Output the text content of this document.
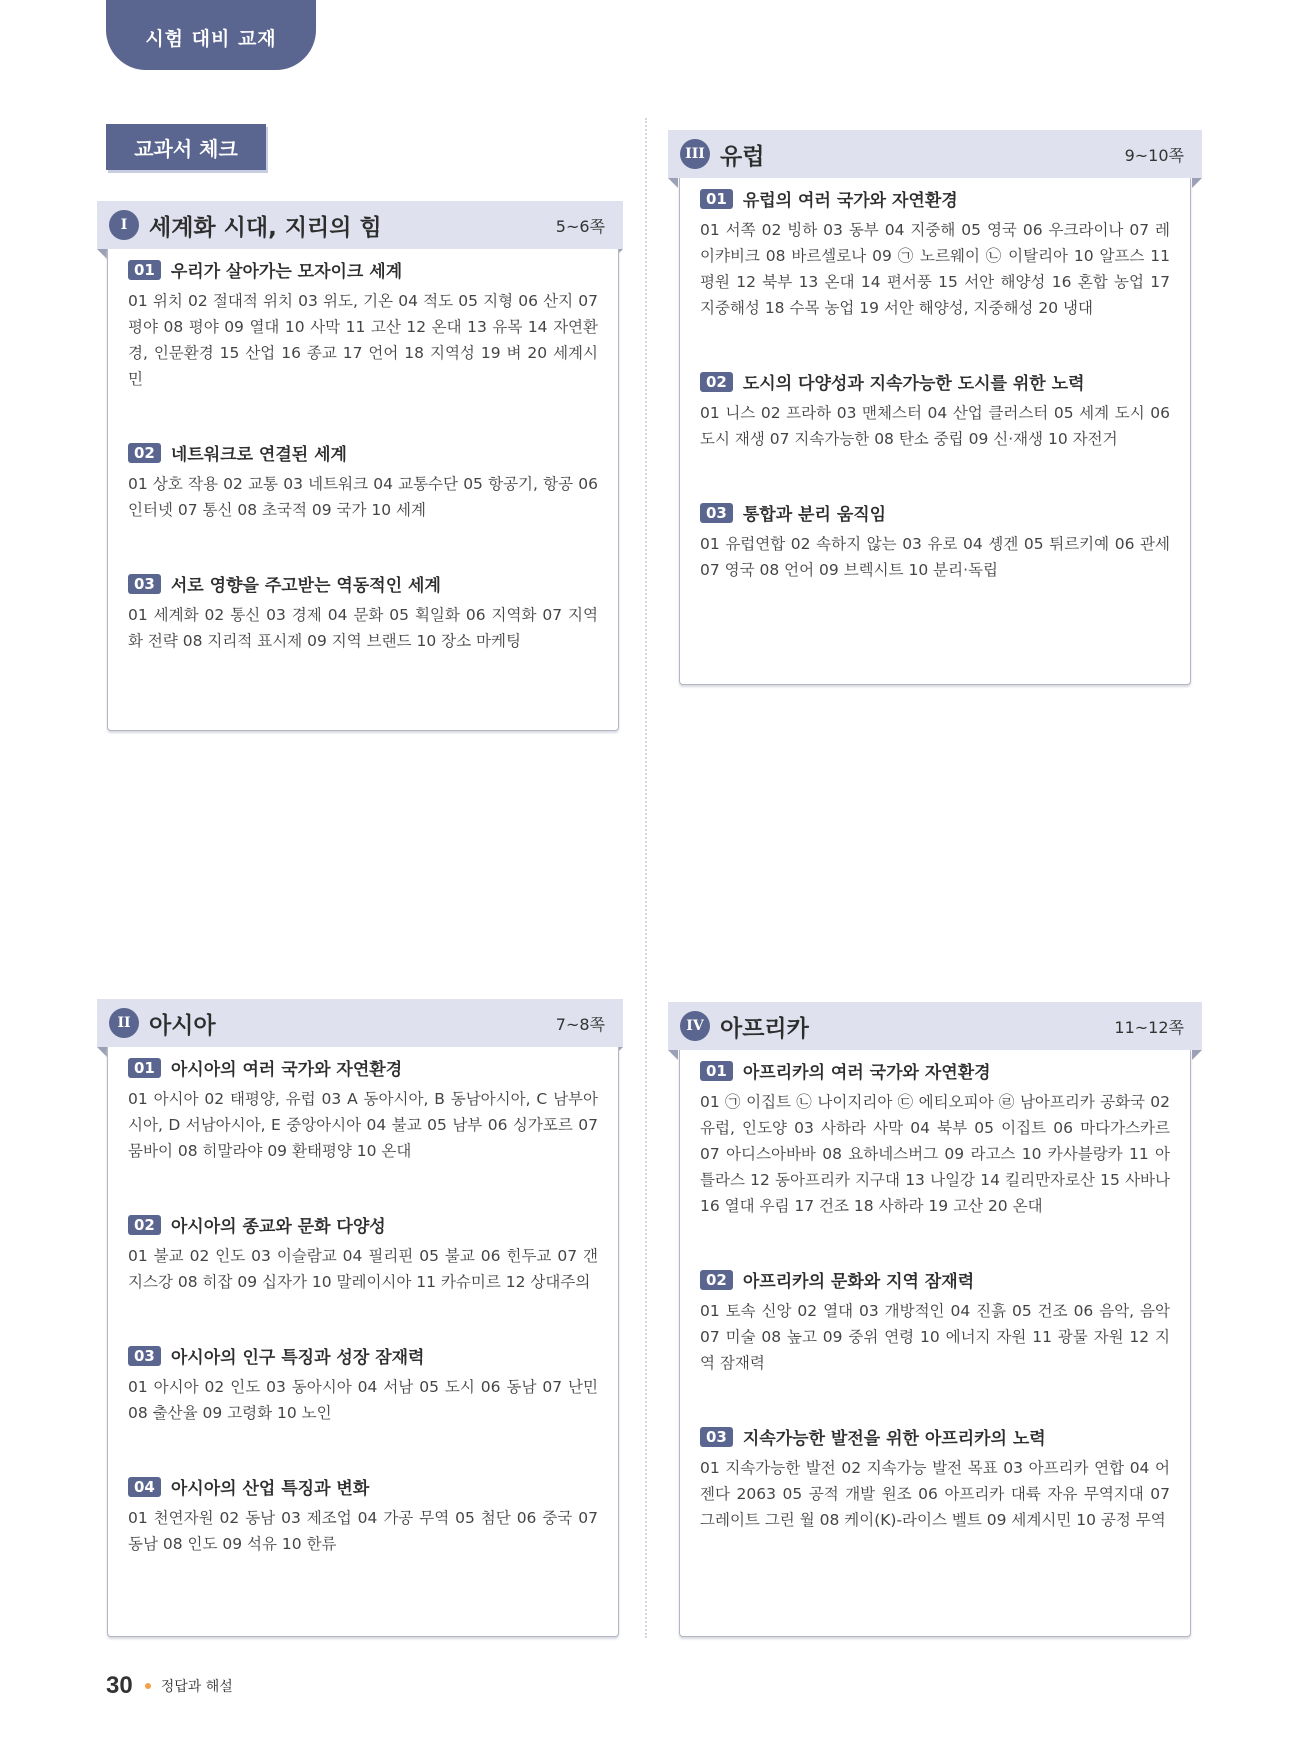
시험 대비 교재
교과서 체크
I 세계화 시대, 지리의 힘	5~6쪽
01 우리가 살아가는 모자이크 세계

01 위치 02 절대적 위치 03 위도, 기온 04 적도 05 지형 06 산지 07 평야 08 평야 09 열대 10 사막 11 고산 12 온대 13 유목 14 자연환경, 인문환경 15 산업 16 종교 17 언어 18 지역성 19 벼 20 세계시민

02 네트워크로 연결된 세계

01 상호 작용 02 교통 03 네트워크 04 교통수단 05 항공기, 항공 06 인터넷 07 통신 08 초국적 09 국가 10 세계

03 서로 영향을 주고받는 역동적인 세계

01 세계화 02 통신 03 경제 04 문화 05 획일화 06 지역화 07 지역화 전략 08 지리적 표시제 09 지역 브랜드 10 장소 마케팅

III 유럽	9~10쪽
01 유럽의 여러 국가와 자연환경

01 서쪽 02 빙하 03 동부 04 지중해 05 영국 06 우크라이나 07 레이캬비크 08 바르셀로나 09 ㉠ 노르웨이 ㉡ 이탈리아 10 알프스 11 평원 12 북부 13 온대 14 편서풍 15 서안 해양성 16 혼합 농업 17 지중해성 18 수목 농업 19 서안 해양성, 지중해성 20 냉대

02 도시의 다양성과 지속가능한 도시를 위한 노력

01 니스 02 프라하 03 맨체스터 04 산업 클러스터 05 세계 도시 06 도시 재생 07 지속가능한 08 탄소 중립 09 신·재생 10 자전거

03 통합과 분리 움직임

01 유럽연합 02 속하지 않는 03 유로 04 솅겐 05 튀르키예 06 관세 07 영국 08 언어 09 브렉시트 10 분리·독립

II 아시아	7~8쪽
01 아시아의 여러 국가와 자연환경

01 아시아 02 태평양, 유럽 03 A 동아시아, B 동남아시아, C 남부아시아, D 서남아시아, E 중앙아시아 04 불교 05 남부 06 싱가포르 07 뭄바이 08 히말라야 09 환태평양 10 온대

02 아시아의 종교와 문화 다양성

01 불교 02 인도 03 이슬람교 04 필리핀 05 불교 06 힌두교 07 갠지스강 08 히잡 09 십자가 10 말레이시아 11 카슈미르 12 상대주의

03 아시아의 인구 특징과 성장 잠재력

01 아시아 02 인도 03 동아시아 04 서남 05 도시 06 동남 07 난민 08 출산율 09 고령화 10 노인

04 아시아의 산업 특징과 변화

01 천연자원 02 동남 03 제조업 04 가공 무역 05 첨단 06 중국 07 동남 08 인도 09 석유 10 한류

IV 아프리카	11~12쪽
01 아프리카의 여러 국가와 자연환경

01 ㉠ 이집트 ㉡ 나이지리아 ㉢ 에티오피아 ㉣ 남아프리카 공화국 02 유럽, 인도양 03 사하라 사막 04 북부 05 이집트 06 마다가스카르 07 아디스아바바 08 요하네스버그 09 라고스 10 카사블랑카 11 아틀라스 12 동아프리카 지구대 13 나일강 14 킬리만자로산 15 사바나 16 열대 우림 17 건조 18 사하라 19 고산 20 온대

02 아프리카의 문화와 지역 잠재력

01 토속 신앙 02 열대 03 개방적인 04 진흙 05 건조 06 음악, 음악 07 미술 08 높고 09 중위 연령 10 에너지 자원 11 광물 자원 12 지역 잠재력

03 지속가능한 발전을 위한 아프리카의 노력

01 지속가능한 발전 02 지속가능 발전 목표 03 아프리카 연합 04 어젠다 2063 05 공적 개발 원조 06 아프리카 대륙 자유 무역지대 07 그레이트 그린 월 08 케이(K)-라이스 벨트 09 세계시민 10 공정 무역

30 정답과 해설
